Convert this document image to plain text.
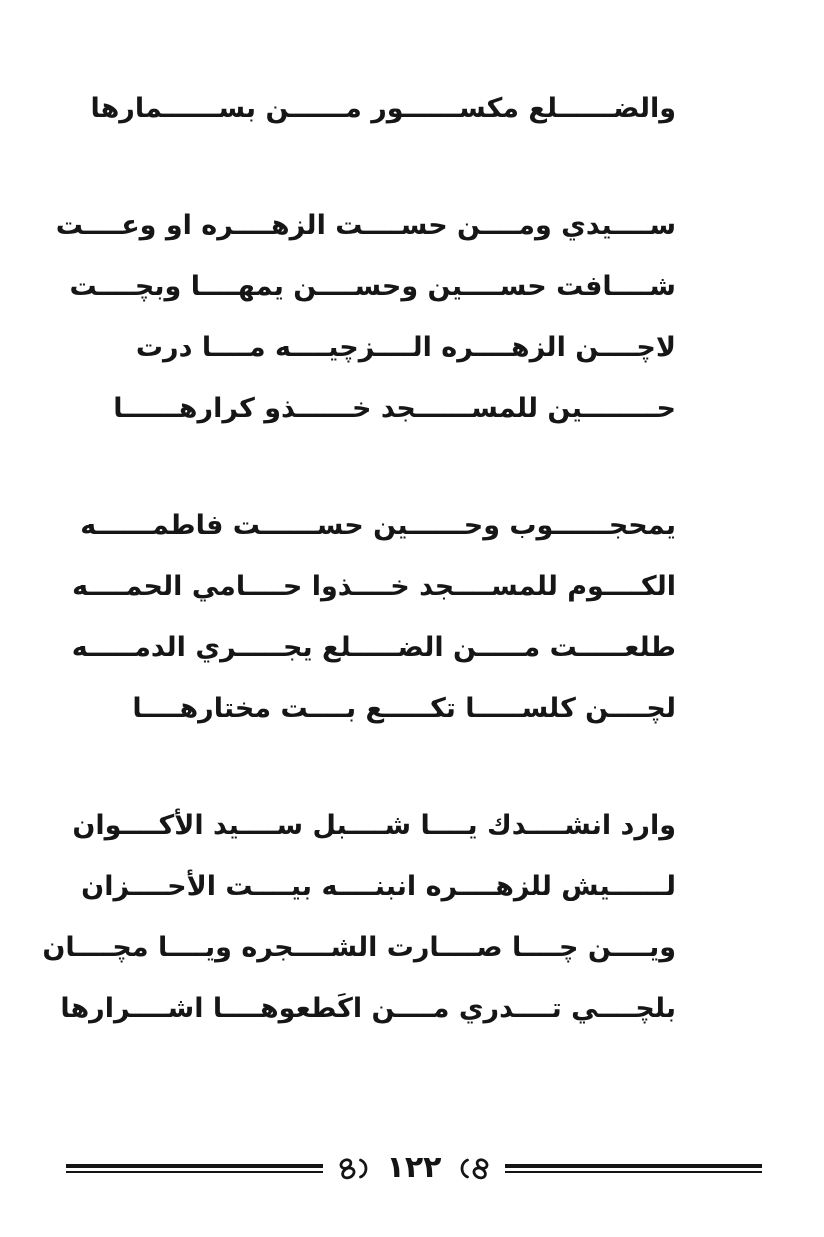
والضــــــلع مكســــــور مــــــن بســــــمارها

ســــيدي ومــــن حســــت الزهــــره او وعــــت

شــــافت حســــين وحســــن يمهــــا وبچــــت

لاچــــن الزهــــره الــــزچيــــه مــــا درت

حــــــــين للمســــــجد خــــــذو كرارهــــــا

يمحجــــــوب وحــــــين حســــــت فاطمــــــه

الكــــوم للمســــجد خــــذوا حــــامي الحمــــه

طلعـــــت مـــــن الضـــــلع يجـــــري الدمـــــه

لچــــن كلســـــا تكـــــع بــــت مختارهــــا

وارد انشــــدك يــــا شــــبل ســــيد الأكــــوان

لــــــيش للزهــــره انبنــــه بيــــت الأحــــزان

ويــــن چــــا صــــارت الشــــجره ويــــا مچــــان

بلچــــي تــــدري مــــن اكَطعوهــــا اشــــرارها

١٢٢
